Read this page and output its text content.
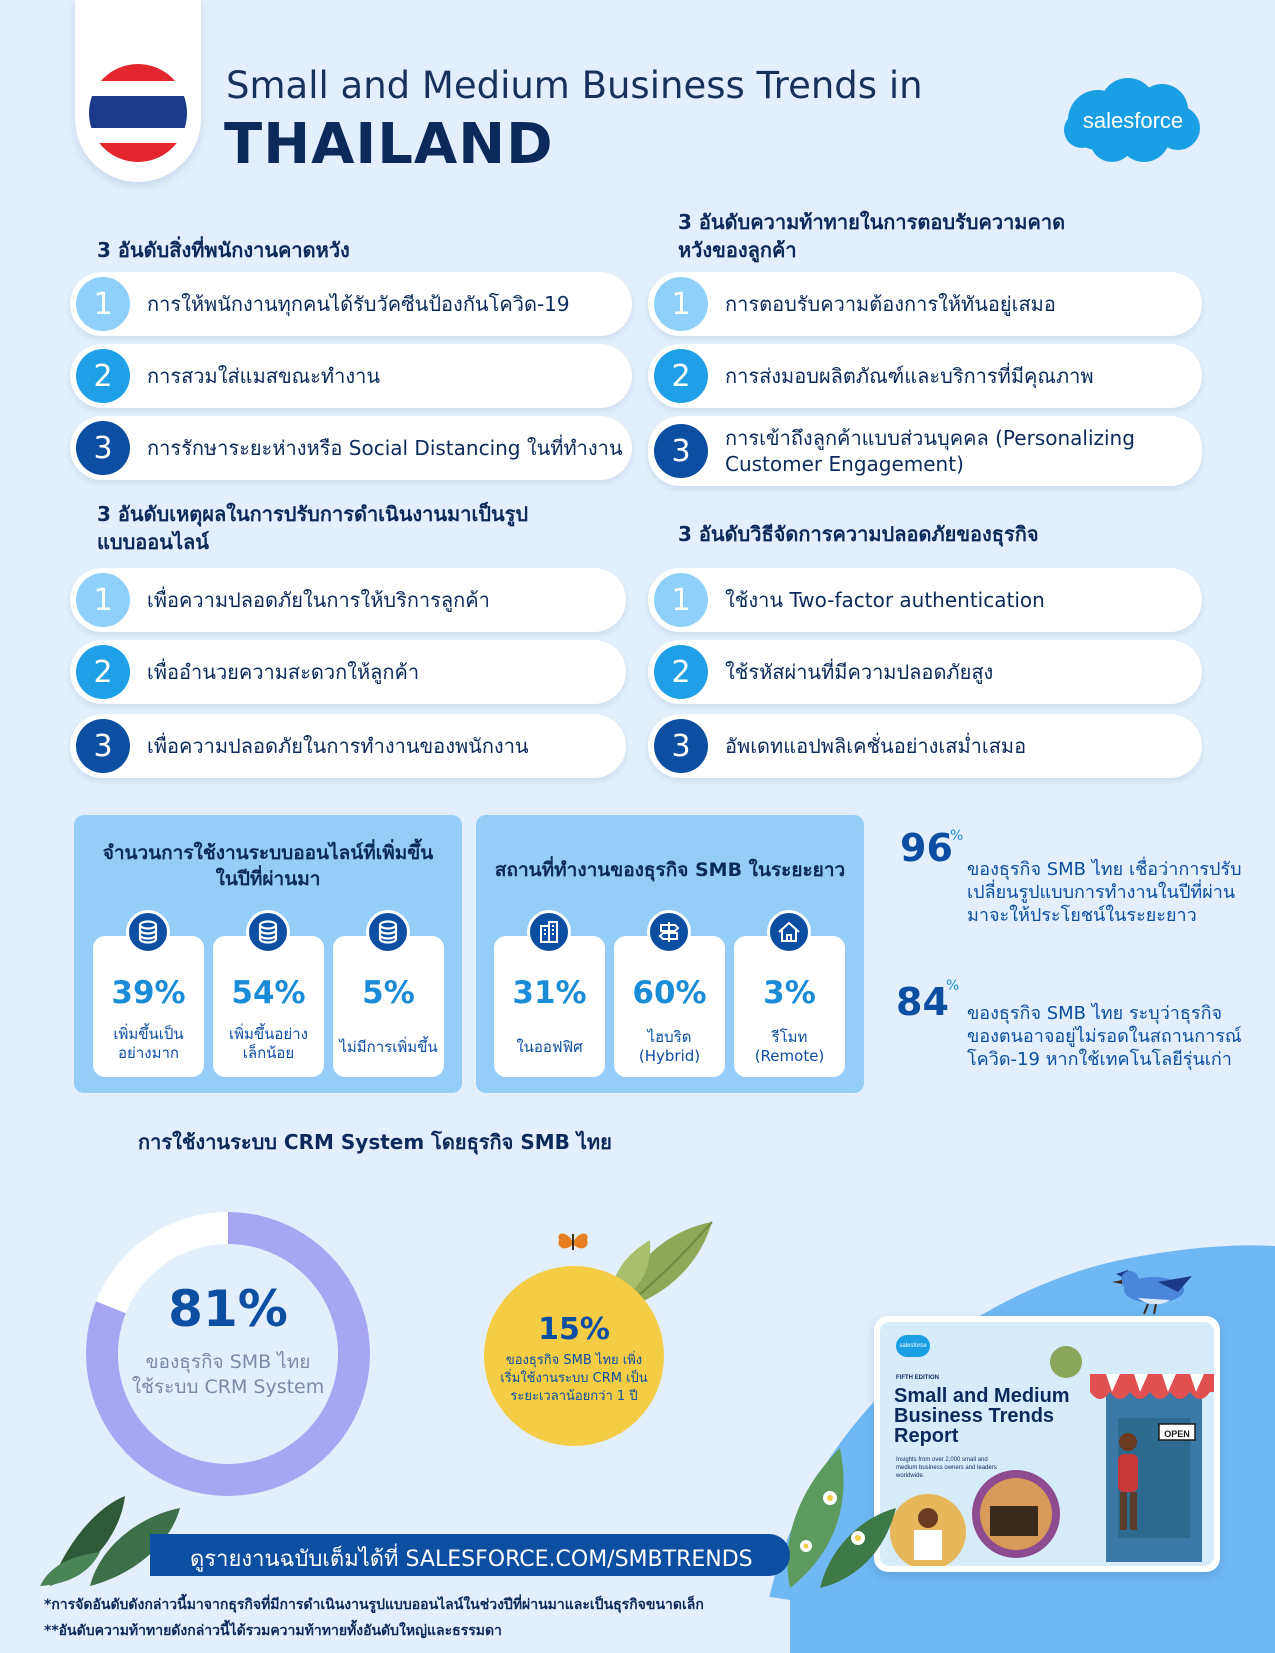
Small and Medium Business Trends in
THAILAND	salesforce
3 อันดับสิ่งที่พนักงานคาดหวัง
1	การให้พนักงานทุกคนได้รับวัคซีนป้องกันโควิด-19
2	การสวมใส่แมสขณะทำงาน
3	การรักษาระยะห่างหรือ Social Distancing ในที่ทำงาน
3 อันดับความท้าทายในการตอบรับความคาดหวังของลูกค้า
1	การตอบรับความต้องการให้ทันอยู่เสมอ
2	การส่งมอบผลิตภัณฑ์และบริการที่มีคุณภาพ
3	การเข้าถึงลูกค้าแบบส่วนบุคคล (Personalizing Customer Engagement)
3 อันดับเหตุผลในการปรับการดำเนินงานมาเป็นรูปแบบออนไลน์
1	เพื่อความปลอดภัยในการให้บริการลูกค้า
2	เพื่ออำนวยความสะดวกให้ลูกค้า
3	เพื่อความปลอดภัยในการทำงานของพนักงาน
3 อันดับวิธีจัดการความปลอดภัยของธุรกิจ
1	ใช้งาน Two-factor authentication
2	ใช้รหัสผ่านที่มีความปลอดภัยสูง
3	อัพเดทแอปพลิเคชั่นอย่างเสมํ่าเสมอ
จำนวนการใช้งานระบบออนไลน์ที่เพิ่มขึ้นในปีที่ผ่านมา
39%
เพิ่มขึ้นเป็นอย่างมาก
54%
เพิ่มขึ้นอย่างเล็กน้อย
5%
ไม่มีการเพิ่มขึ้น
สถานที่ทำงานของธุรกิจ SMB ในระยะยาว
31%
ในออฟฟิศ
60%
ไฮบริด (Hybrid)
3%
รีโมท (Remote)
96
%
ของธุรกิจ SMB ไทย เชื่อว่าการปรับเปลี่ยนรูปแบบการทำงานในปีที่ผ่านมาจะให้ประโยชน์ในระยะยาว
84
%
ของธุรกิจ SMB ไทย ระบุว่าธุรกิจของตนอาจอยู่ไม่รอดในสถานการณ์โควิด-19 หากใช้เทคโนโลยีรุ่นเก่า
การใช้งานระบบ CRM System โดยธุรกิจ SMB ไทย
81%
ของธุรกิจ SMB ไทย
ใช้ระบบ CRM System
15%
ของธุรกิจ SMB ไทย เพิ่งเริ่มใช้งานระบบ CRM เป็นระยะเวลาน้อยกว่า 1 ปี
salesforce
FIFTH EDITION
Small and Medium Business Trends Report
Insights from over 2,000 small and medium business owners and leaders worldwide.
OPEN
ดูรายงานฉบับเต็มได้ที่ SALESFORCE.COM/SMBTRENDS
*การจัดอันดับดังกล่าวนี้มาจากธุรกิจที่มีการดำเนินงานรูปแบบออนไลน์ในช่วงปีที่ผ่านมาและเป็นธุรกิจขนาดเล็ก
**อันดับความท้าทายดังกล่าวนี้ได้รวมความท้าทายทั้งอันดับใหญ่และธรรมดา
